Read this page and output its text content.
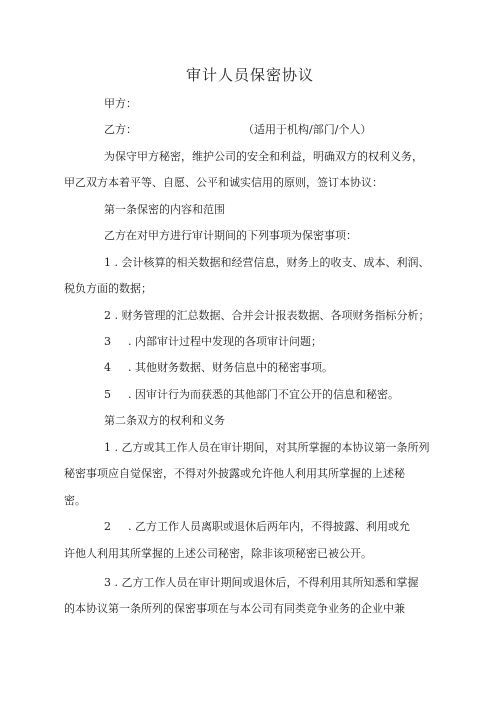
审计人员保密协议
甲方：
乙方：	（适用于机构/部门/个人）
为保守甲方秘密，维护公司的安全和利益，明确双方的权利义务，
甲乙双方本着平等、自愿、公平和诚实信用的原则，签订本协议：
第一条保密的内容和范围
乙方在对甲方进行审计期间的下列事项为保密事项：
1 . 会计核算的相关数据和经营信息，财务上的收支、成本、利润、
税负方面的数据；
2 . 财务管理的汇总数据、合并会计报表数据、各项财务指标分析；
3 . 内部审计过程中发现的各项审计问题；
4 . 其他财务数据、财务信息中的秘密事项。
5 . 因审计行为而获悉的其他部门不宜公开的信息和秘密。
第二条双方的权利和义务
1 . 乙方或其工作人员在审计期间，对其所掌握的本协议第一条所列
秘密事项应自觉保密，不得对外披露或允许他人利用其所掌握的上述秘
密。
2 . 乙方工作人员离职或退休后两年内，不得披露、利用或允
许他人利用其所掌握的上述公司秘密，除非该项秘密已被公开。
3 . 乙方工作人员在审计期间或退休后，不得利用其所知悉和掌握
的本协议第一条所列的保密事项在与本公司有同类竞争业务的企业中兼
